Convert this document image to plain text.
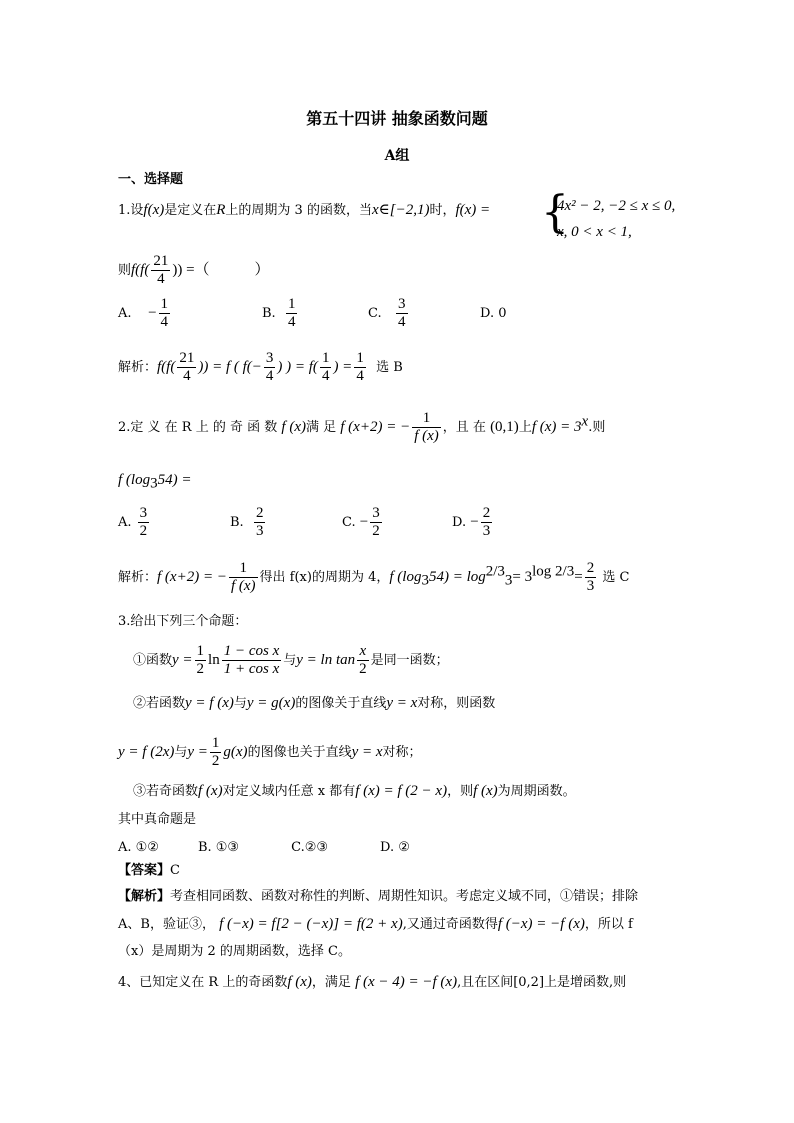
第五十四讲 抽象函数问题
A组
一、选择题
1.设f(x)是定义在R上的周期为 3 的函数，当x∈[−2,1)时，f(x) = {
4x² − 2, −2 ≤ x ≤ 0,
x, 0 < x < 1,
则$f(f( \frac{21}{4}$ )) =（　　　）
A. − $\frac{1}{4}$	B. $\frac{1}{4}$	C. $\frac{3}{4}$	D. 0
解析：$f(f( \frac{21}{4}$ )) = f ( $f(- \frac{3}{4}$ ) ) = $f( \frac{1}{4}$ ) = $\frac{1}{4}$ 选 B
2.定 义 在 R 上 的 奇 函 数 f (x)满 足 f (x+2) = − $\frac{1}{f (x)}$ ，且 在 (0,1)上f $(x) = 3^x$.则
f $(\log_354)$ =
A. $\frac{3}{2}$	B. $\frac{2}{3}$	C. − $\frac{3}{2}$	D. − $\frac{2}{3}$
解析：f (x+2) = − $\frac{1}{f (x)}$ 得出 f(x)的周期为 4，f $(\log_354) = \log^{2/3}_3= 3^{log 2/3}= \frac{2}{3}$ 选 C
3.给出下列三个命题：
①函数$y = \frac{1}{2}$ $\ln \frac{\text{1 − cos x}}{\text{1 + cos x}}$ 与$y = \ln \tan \frac{x}{2}$ 是同一函数；
②若函数y = f (x)与y = g(x)的图像关于直线y = x对称，则函数
y = f (2x)与$y = \frac{1}{2} g(x)$的图像也关于直线y = x对称；
③若奇函数f (x)对定义域内任意 x 都有f (x) = f (2 − x)，则f (x)为周期函数。
其中真命题是
A. ①②　　　B. ①③　　　　C.②③　　　　D. ②
【答案】C
【解析】考查相同函数、函数对称性的判断、周期性知识。考虑定义域不同，①错误；排除
A、B，验证③， f (−x) = f[2 − (−x)] = f(2 + x),又通过奇函数得f (−x) = −f (x)，所以 f
（x）是周期为 2 的周期函数，选择 C。
4、已知定义在 R 上的奇函数f (x)，满足 f (x − 4) = −f (x),且在区间[0,2]上是增函数,则
